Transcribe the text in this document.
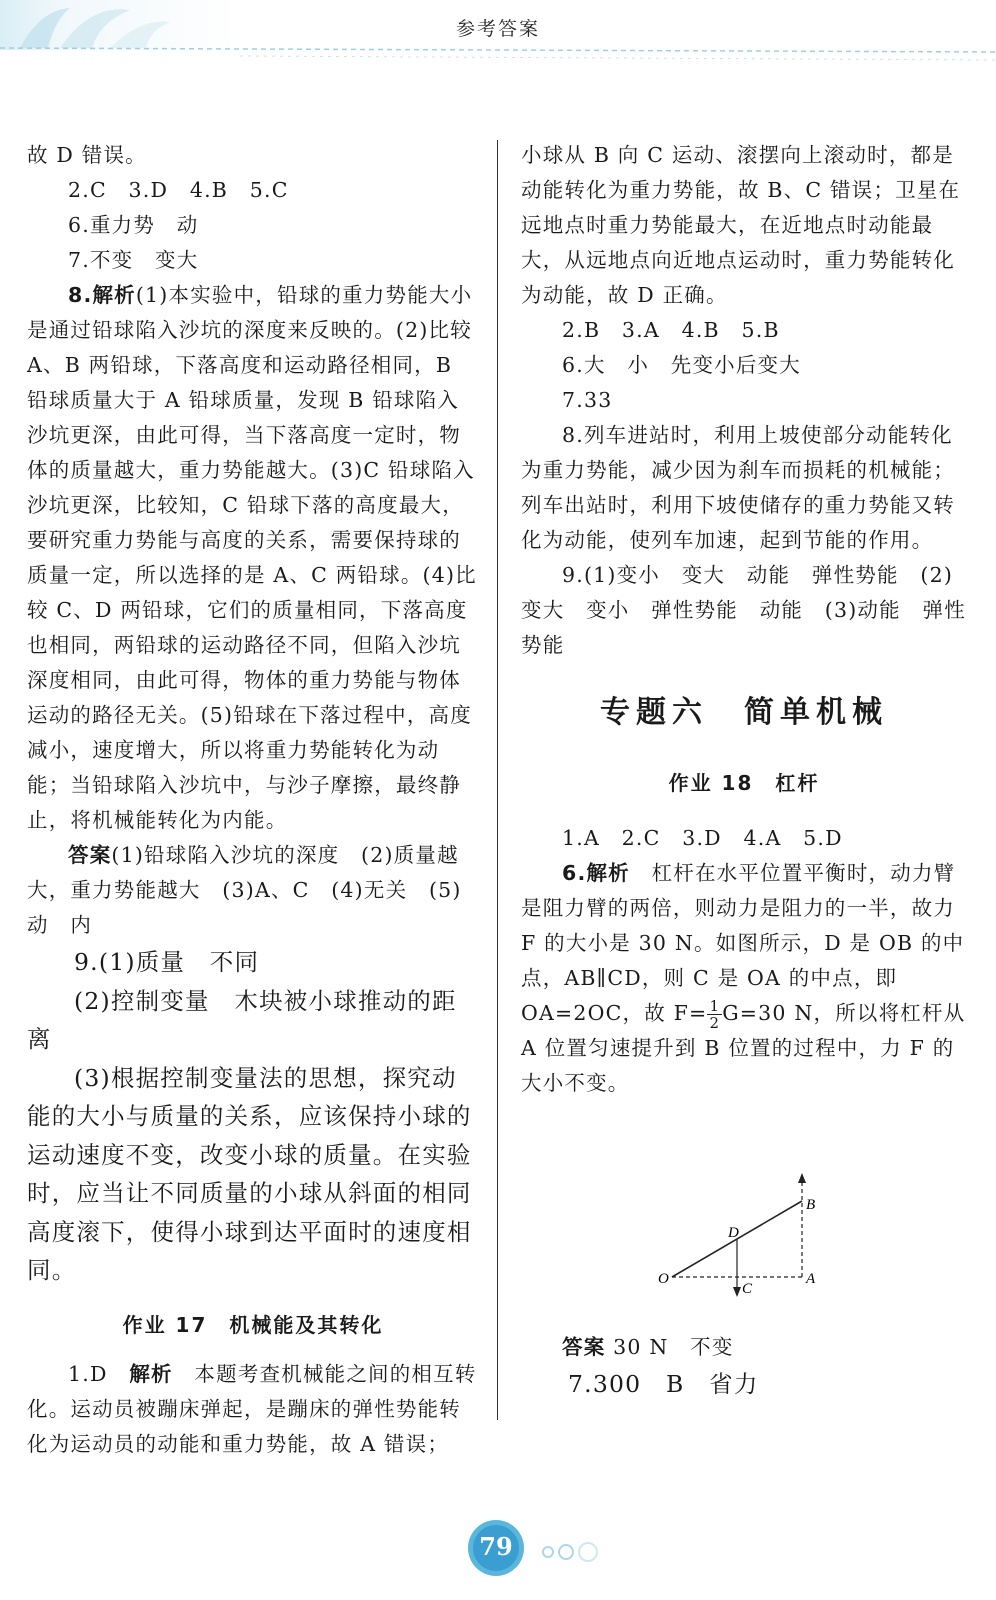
参考答案

故 D 错误。

2.C　3.D　4.B　5.C

6.重力势　动

7.不变　变大

8.解析(1)本实验中，铅球的重力势能大小是通过铅球陷入沙坑的深度来反映的。(2)比较 A、B 两铅球，下落高度和运动路径相同，B 铅球质量大于 A 铅球质量，发现 B 铅球陷入沙坑更深，由此可得，当下落高度一定时，物体的质量越大，重力势能越大。(3)C 铅球陷入沙坑更深，比较知，C 铅球下落的高度最大，要研究重力势能与高度的关系，需要保持球的质量一定，所以选择的是 A、C 两铅球。(4)比较 C、D 两铅球，它们的质量相同，下落高度也相同，两铅球的运动路径不同，但陷入沙坑深度相同，由此可得，物体的重力势能与物体运动的路径无关。(5)铅球在下落过程中，高度减小，速度增大，所以将重力势能转化为动能；当铅球陷入沙坑中，与沙子摩擦，最终静止，将机械能转化为内能。

答案(1)铅球陷入沙坑的深度　(2)质量越大，重力势能越大　(3)A、C　(4)无关　(5)动　内

9.(1)质量　不同

(2)控制变量　木块被小球推动的距离

(3)根据控制变量法的思想，探究动能的大小与质量的关系，应该保持小球的运动速度不变，改变小球的质量。在实验时，应当让不同质量的小球从斜面的相同高度滚下，使得小球到达平面时的速度相同。

作业 17　机械能及其转化

1.D　 解析　 本题考查机械能之间的相互转化。运动员被蹦床弹起，是蹦床的弹性势能转化为运动员的动能和重力势能，故 A 错误；

小球从 B 向 C 运动、滚摆向上滚动时，都是动能转化为重力势能，故 B、C 错误；卫星在远地点时重力势能最大，在近地点时动能最大，从远地点向近地点运动时，重力势能转化为动能，故 D 正确。

2.B　3.A　4.B　5.B

6.大　小　先变小后变大

7.33

8.列车进站时，利用上坡使部分动能转化为重力势能，减少因为刹车而损耗的机械能；列车出站时，利用下坡使储存的重力势能又转化为动能，使列车加速，起到节能的作用。

9.(1)变小　变大　动能　弹性势能　(2)变大　变小　弹性势能　动能　(3)动能　弹性势能

专题六　简单机械

作业 18　杠杆

1.A　2.C　3.D　4.A　5.D

6.解析　 杠杆在水平位置平衡时，动力臂是阻力臂的两倍，则动力是阻力的一半，故力 F 的大小是 30 N。如图所示，D 是 OB 的中点，AB∥CD，则 C 是 OA 的中点，即 OA=2OC，故 $F= \frac{1}{2} G=30$ N，所以将杠杆从 A 位置匀速提升到 B 位置的过程中，力 F 的大小不变。

O	A
B
D
C

答案 30 N　不变

7.300　B　省力

79
